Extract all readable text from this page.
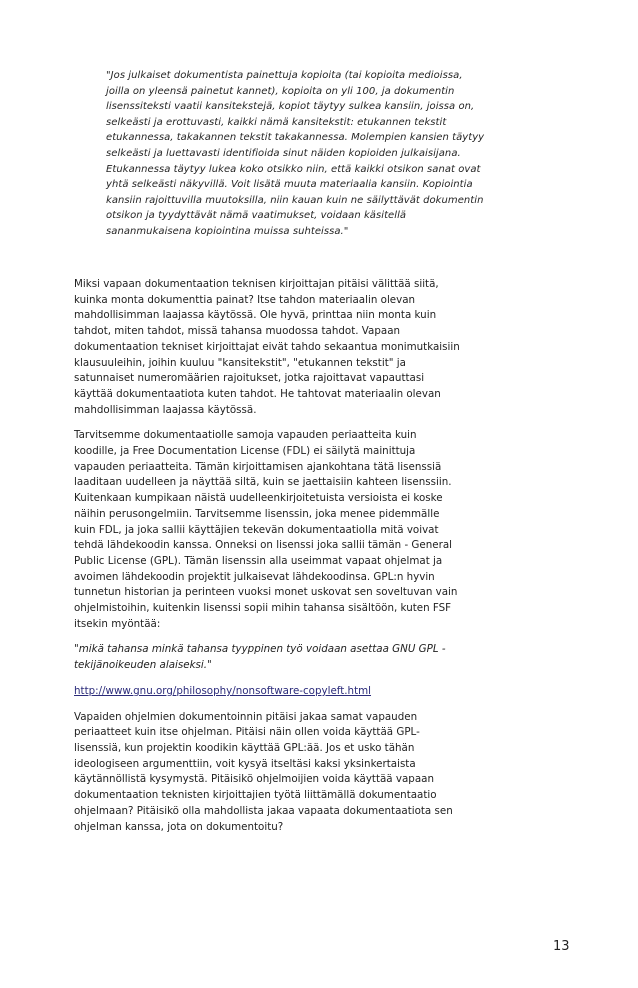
"Jos julkaiset dokumentista painettuja kopioita (tai kopioita medioissa, joilla on yleensä painetut kannet), kopioita on yli 100, ja dokumentin lisenssiteksti vaatii kansitekstejä, kopiot täytyy sulkea kansiin, joissa on, selkeästi ja erottuvasti, kaikki nämä kansitekstit: etukannen tekstit etukannessa, takakannen tekstit takakannessa. Molempien kansien täytyy selkeästi ja luettavasti identifioida sinut näiden kopioiden julkaisijana. Etukannessa täytyy lukea koko otsikko niin, että kaikki otsikon sanat ovat yhtä selkeästi näkyvillä. Voit lisätä muuta materiaalia kansiin. Kopiointia kansiin rajoittuvilla muutoksilla, niin kauan kuin ne säilyttävät dokumentin otsikon ja tyydyttävät nämä vaatimukset, voidaan käsitellä sananmukaisena kopiointina muissa suhteissa."

Miksi vapaan dokumentaation teknisen kirjoittajan pitäisi välittää siitä, kuinka monta dokumenttia painat? Itse tahdon materiaalin olevan mahdollisimman laajassa käytössä. Ole hyvä, printtaa niin monta kuin tahdot, miten tahdot, missä tahansa muodossa tahdot. Vapaan dokumentaation tekniset kirjoittajat eivät tahdo sekaantua monimutkaisiin klausuuleihin, joihin kuuluu "kansitekstit", "etukannen tekstit" ja satunnaiset numeromäärien rajoitukset, jotka rajoittavat vapauttasi käyttää dokumentaatiota kuten tahdot. He tahtovat materiaalin olevan mahdollisimman laajassa käytössä.

Tarvitsemme dokumentaatiolle samoja vapauden periaatteita kuin koodille, ja Free Documentation License (FDL) ei säilytä mainittuja vapauden periaatteita. Tämän kirjoittamisen ajankohtana tätä lisenssiä laaditaan uudelleen ja näyttää siltä, kuin se jaettaisiin kahteen lisenssiin. Kuitenkaan kumpikaan näistä uudelleenkirjoitetuista versioista ei koske näihin perusongelmiin. Tarvitsemme lisenssin, joka menee pidemmälle kuin FDL, ja joka sallii käyttäjien tekevän dokumentaatiolla mitä voivat tehdä lähdekoodin kanssa. Onneksi on lisenssi joka sallii tämän - General Public License (GPL). Tämän lisenssin alla useimmat vapaat ohjelmat ja avoimen lähdekoodin projektit julkaisevat lähdekoodinsa. GPL:n hyvin tunnetun historian ja perinteen vuoksi monet uskovat sen soveltuvan vain ohjelmistoihin, kuitenkin lisenssi sopii mihin tahansa sisältöön, kuten FSF itsekin myöntää:

"mikä tahansa minkä tahansa tyyppinen työ voidaan asettaa GNU GPL -tekijänoikeuden alaiseksi."

http://www.gnu.org/philosophy/nonsoftware-copyleft.html

Vapaiden ohjelmien dokumentoinnin pitäisi jakaa samat vapauden periaatteet kuin itse ohjelman. Pitäisi näin ollen voida käyttää GPL-lisenssiä, kun projektin koodikin käyttää GPL:ää. Jos et usko tähän ideologiseen argumenttiin, voit kysyä itseltäsi kaksi yksinkertaista käytännöllistä kysymystä. Pitäisikö ohjelmoijien voida käyttää vapaan dokumentaation teknisten kirjoittajien työtä liittämällä dokumentaatio ohjelmaan? Pitäisikö olla mahdollista jakaa vapaata dokumentaatiota sen ohjelman kanssa, jota on dokumentoitu?

13
